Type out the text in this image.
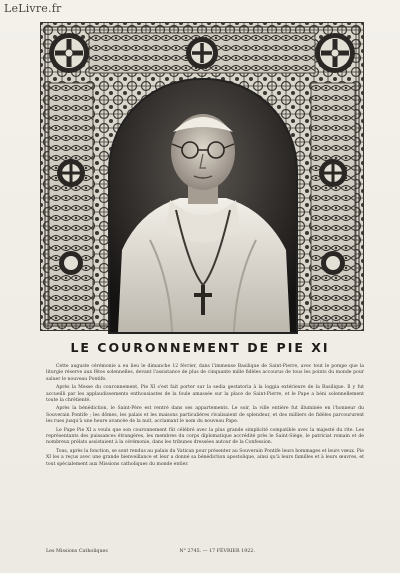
LeLivre.fr
(Ph. J...)
LE COURONNEMENT DE PIE XI

Cette auguste cérémonie a eu lieu le dimanche 12 février, dans l'immense Basilique de Saint-Pierre, avec tout le pompe que la liturgie réserve aux fêtes solennelles, devant l'assistance de plus de cinquante mille fidèles accourus de tous les points du monde pour saluer le nouveau Pontife.

Après la Messe du couronnement, Pie XI s'est fait porter sur la sedia gestatoria à la loggia extérieure de la Basilique. Il y fut accueilli par les applaudissements enthousiastes de la foule amassée sur la place de Saint-Pierre, et le Pape a béni solennellement toute la chrétienté.

Après la bénédiction, le Saint-Père est rentré dans ses appartements. Le soir, la ville entière fut illuminée en l'honneur du Souverain Pontife ; les dômes, les palais et les maisons particulières rivalisaient de splendeur, et des milliers de fidèles parcoururent les rues jusqu'à une heure avancée de la nuit, acclamant le nom du nouveau Pape.

Le Pape Pie XI a voulu que son couronnement fût célébré avec la plus grande simplicité compatible avec la majesté du rite. Les représentants des puissances étrangères, les membres du corps diplomatique accrédité près le Saint-Siège, le patriciat romain et de nombreux prélats assistaient à la cérémonie, dans les tribunes dressées autour de la Confession.

Tous, après la fonction, se sont rendus au palais du Vatican pour présenter au Souverain Pontife leurs hommages et leurs vœux. Pie XI les a reçus avec une grande bienveillance et leur a donné sa bénédiction apostolique, ainsi qu'à leurs familles et à leurs œuvres, et tout spécialement aux Missions catholiques du monde entier.

Les Missions Catholiques	N° 2745. — 17 FÉVRIER 1922.
